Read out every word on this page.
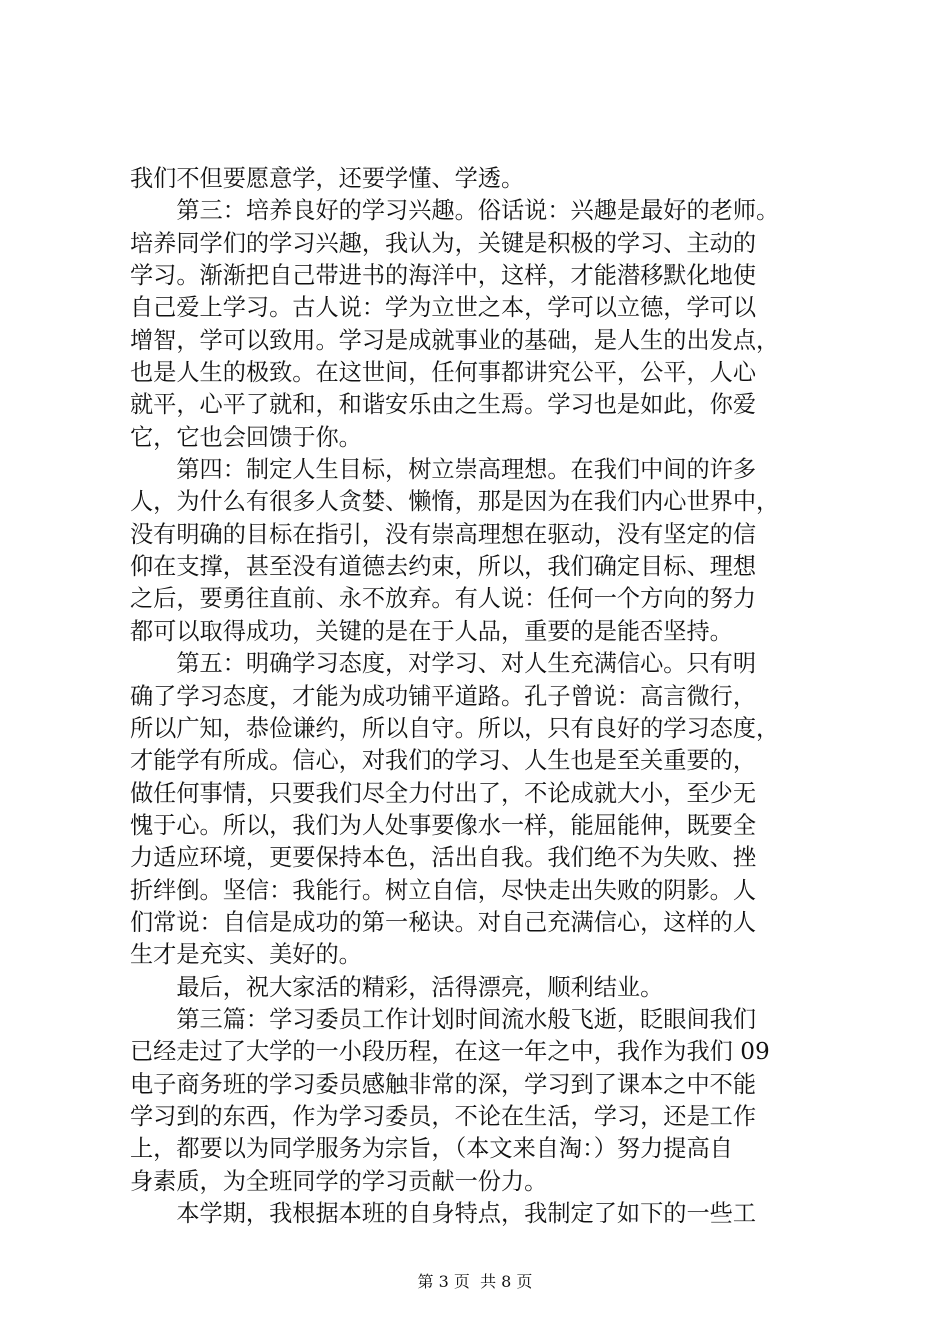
我们不但要愿意学，还要学懂、学透。
　　第三：培养良好的学习兴趣。俗话说：兴趣是最好的老师。
培养同学们的学习兴趣，我认为，关键是积极的学习、主动的
学习。渐渐把自己带进书的海洋中，这样，才能潜移默化地使
自己爱上学习。古人说：学为立世之本，学可以立德，学可以
增智，学可以致用。学习是成就事业的基础，是人生的出发点，
也是人生的极致。在这世间，任何事都讲究公平，公平，人心
就平，心平了就和，和谐安乐由之生焉。学习也是如此，你爱
它，它也会回馈于你。
　　第四：制定人生目标，树立崇高理想。在我们中间的许多
人，为什么有很多人贪婪、懒惰，那是因为在我们内心世界中，
没有明确的目标在指引，没有崇高理想在驱动，没有坚定的信
仰在支撑，甚至没有道德去约束，所以，我们确定目标、理想
之后，要勇往直前、永不放弃。有人说：任何一个方向的努力
都可以取得成功，关键的是在于人品，重要的是能否坚持。
　　第五：明确学习态度，对学习、对人生充满信心。只有明
确了学习态度，才能为成功铺平道路。孔子曾说：高言微行，
所以广知，恭俭谦约，所以自守。所以，只有良好的学习态度，
才能学有所成。信心，对我们的学习、人生也是至关重要的，
做任何事情，只要我们尽全力付出了，不论成就大小，至少无
愧于心。所以，我们为人处事要像水一样，能屈能伸，既要全
力适应环境，更要保持本色，活出自我。我们绝不为失败、挫
折绊倒。坚信：我能行。树立自信，尽快走出失败的阴影。人
们常说：自信是成功的第一秘诀。对自己充满信心，这样的人
生才是充实、美好的。
　　最后，祝大家活的精彩，活得漂亮，顺利结业。
　　第三篇：学习委员工作计划时间流水般飞逝，眨眼间我们
已经走过了大学的一小段历程，在这一年之中，我作为我们 09
电子商务班的学习委员感触非常的深，学习到了课本之中不能
学习到的东西，作为学习委员，不论在生活，学习，还是工作
上，都要以为同学服务为宗旨，（本文来自淘：）努力提高自
身素质，为全班同学的学习贡献一份力。
　　本学期，我根据本班的自身特点，我制定了如下的一些工
第 3 页  共 8 页
